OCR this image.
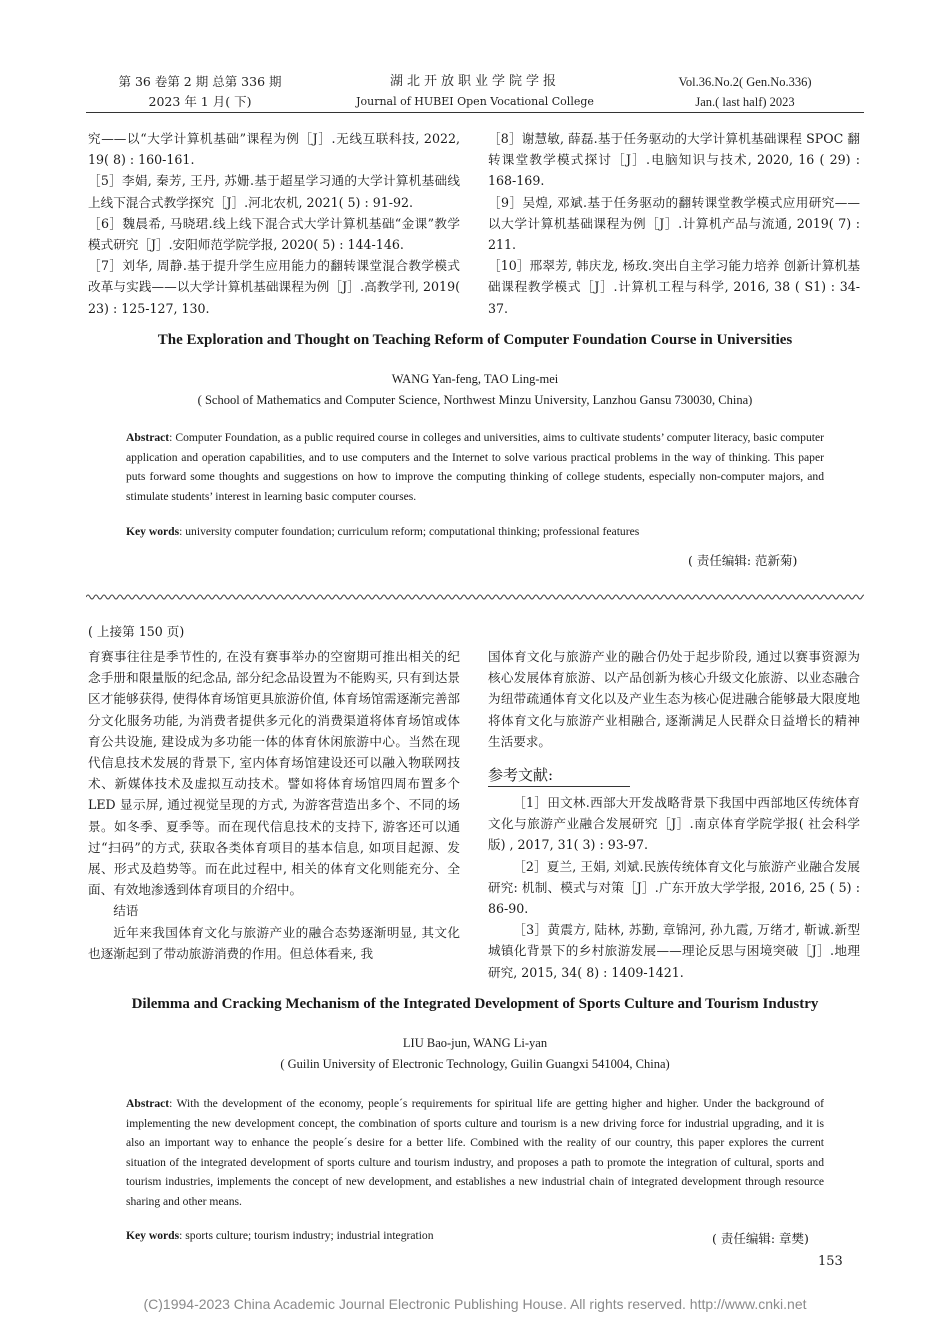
第 36 卷第 2 期 总第 336 期
2023 年 1 月( 下)
湖北开放职业学院学报
Journal of HUBEI Open Vocational College
Vol.36.No.2( Gen.No.336)
Jan.( last half) 2023

究——以“大学计算机基础”课程为例［J］.无线互联科技, 2022, 19( 8) : 160-161.

［5］李娟, 秦芳, 王丹, 苏姗.基于超星学习通的大学计算机基础线上线下混合式教学探究［J］.河北农机, 2021( 5) : 91-92.

［6］魏晨希, 马晓珺.线上线下混合式大学计算机基础“金课”教学模式研究［J］.安阳师范学院学报, 2020( 5) : 144-146.

［7］刘华, 周静.基于提升学生应用能力的翻转课堂混合教学模式改革与实践——以大学计算机基础课程为例［J］.高教学刊, 2019( 23) : 125-127, 130.

［8］谢慧敏, 薛磊.基于任务驱动的大学计算机基础课程 SPOC 翻转课堂教学模式探讨［J］.电脑知识与技术, 2020, 16 ( 29) : 168-169.

［9］吴煌, 邓斌.基于任务驱动的翻转课堂教学模式应用研究——以大学计算机基础课程为例［J］.计算机产品与流通, 2019( 7) : 211.

［10］邢翠芳, 韩庆龙, 杨玫.突出自主学习能力培养 创新计算机基础课程教学模式［J］.计算机工程与科学, 2016, 38 ( S1) : 34-37.

The Exploration and Thought on Teaching Reform of Computer Foundation Course in Universities
WANG Yan-feng, TAO Ling-mei
( School of Mathematics and Computer Science, Northwest Minzu University, Lanzhou Gansu 730030, China)
Abstract: Computer Foundation, as a public required course in colleges and universities, aims to cultivate students’ computer literacy, basic computer application and operation capabilities, and to use computers and the Internet to solve various practical problems in the way of thinking. This paper puts forward some thoughts and suggestions on how to improve the computing thinking of college students, especially non-computer majors, and stimulate students’ interest in learning basic computer courses.
Key words: university computer foundation; curriculum reform; computational thinking; professional features
( 责任编辑: 范新菊)
( 上接第 150 页)

育赛事往往是季节性的, 在没有赛事举办的空窗期可推出相关的纪念手册和限量版的纪念品, 部分纪念品设置为不能购买, 只有到达景区才能够获得, 使得体育场馆更具旅游价值, 体育场馆需逐渐完善部分文化服务功能, 为消费者提供多元化的消费渠道将体育场馆或体育公共设施, 建设成为多功能一体的体育休闲旅游中心。当然在现代信息技术发展的背景下, 室内体育场馆建设还可以融入物联网技术、新媒体技术及虚拟互动技术。譬如将体育场馆四周布置多个 LED 显示屏, 通过视觉呈现的方式, 为游客营造出多个、不同的场景。如冬季、夏季等。而在现代信息技术的支持下, 游客还可以通过“扫码”的方式, 获取各类体育项目的基本信息, 如项目起源、发展、形式及趋势等。而在此过程中, 相关的体育文化则能充分、全面、有效地渗透到体育项目的介绍中。

结语

近年来我国体育文化与旅游产业的融合态势逐渐明显, 其文化也逐渐起到了带动旅游消费的作用。但总体看来, 我

国体育文化与旅游产业的融合仍处于起步阶段, 通过以赛事资源为核心发展体育旅游、以产品创新为核心升级文化旅游、以业态融合为纽带疏通体育文化以及产业生态为核心促进融合能够最大限度地将体育文化与旅游产业相融合, 逐渐满足人民群众日益增长的精神生活要求。

参考文献:

［1］田文林.西部大开发战略背景下我国中西部地区传统体育文化与旅游产业融合发展研究［J］.南京体育学院学报( 社会科学版) , 2017, 31( 3) : 93-97.

［2］夏兰, 王娟, 刘斌.民族传统体育文化与旅游产业融合发展研究: 机制、模式与对策［J］.广东开放大学学报, 2016, 25 ( 5) : 86-90.

［3］黄震方, 陆林, 苏勤, 章锦河, 孙九霞, 万绪才, 靳诚.新型城镇化背景下的乡村旅游发展——理论反思与困境突破［J］.地理研究, 2015, 34( 8) : 1409-1421.

Dilemma and Cracking Mechanism of the Integrated Development of Sports Culture and Tourism Industry
LIU Bao-jun, WANG Li-yan
( Guilin University of Electronic Technology, Guilin Guangxi 541004, China)
Abstract: With the development of the economy, people´s requirements for spiritual life are getting higher and higher. Under the background of implementing the new development concept, the combination of sports culture and tourism is a new driving force for industrial upgrading, and it is also an important way to enhance the people´s desire for a better life. Combined with the reality of our country, this paper explores the current situation of the integrated development of sports culture and tourism industry, and proposes a path to promote the integration of cultural, sports and tourism industries, implements the concept of new development, and establishes a new industrial chain of integrated development through resource sharing and other means.
Key words: sports culture; tourism industry; industrial integration	( 责任编辑: 章樊)
153
(C)1994-2023 China Academic Journal Electronic Publishing House. All rights reserved. http://www.cnki.net
